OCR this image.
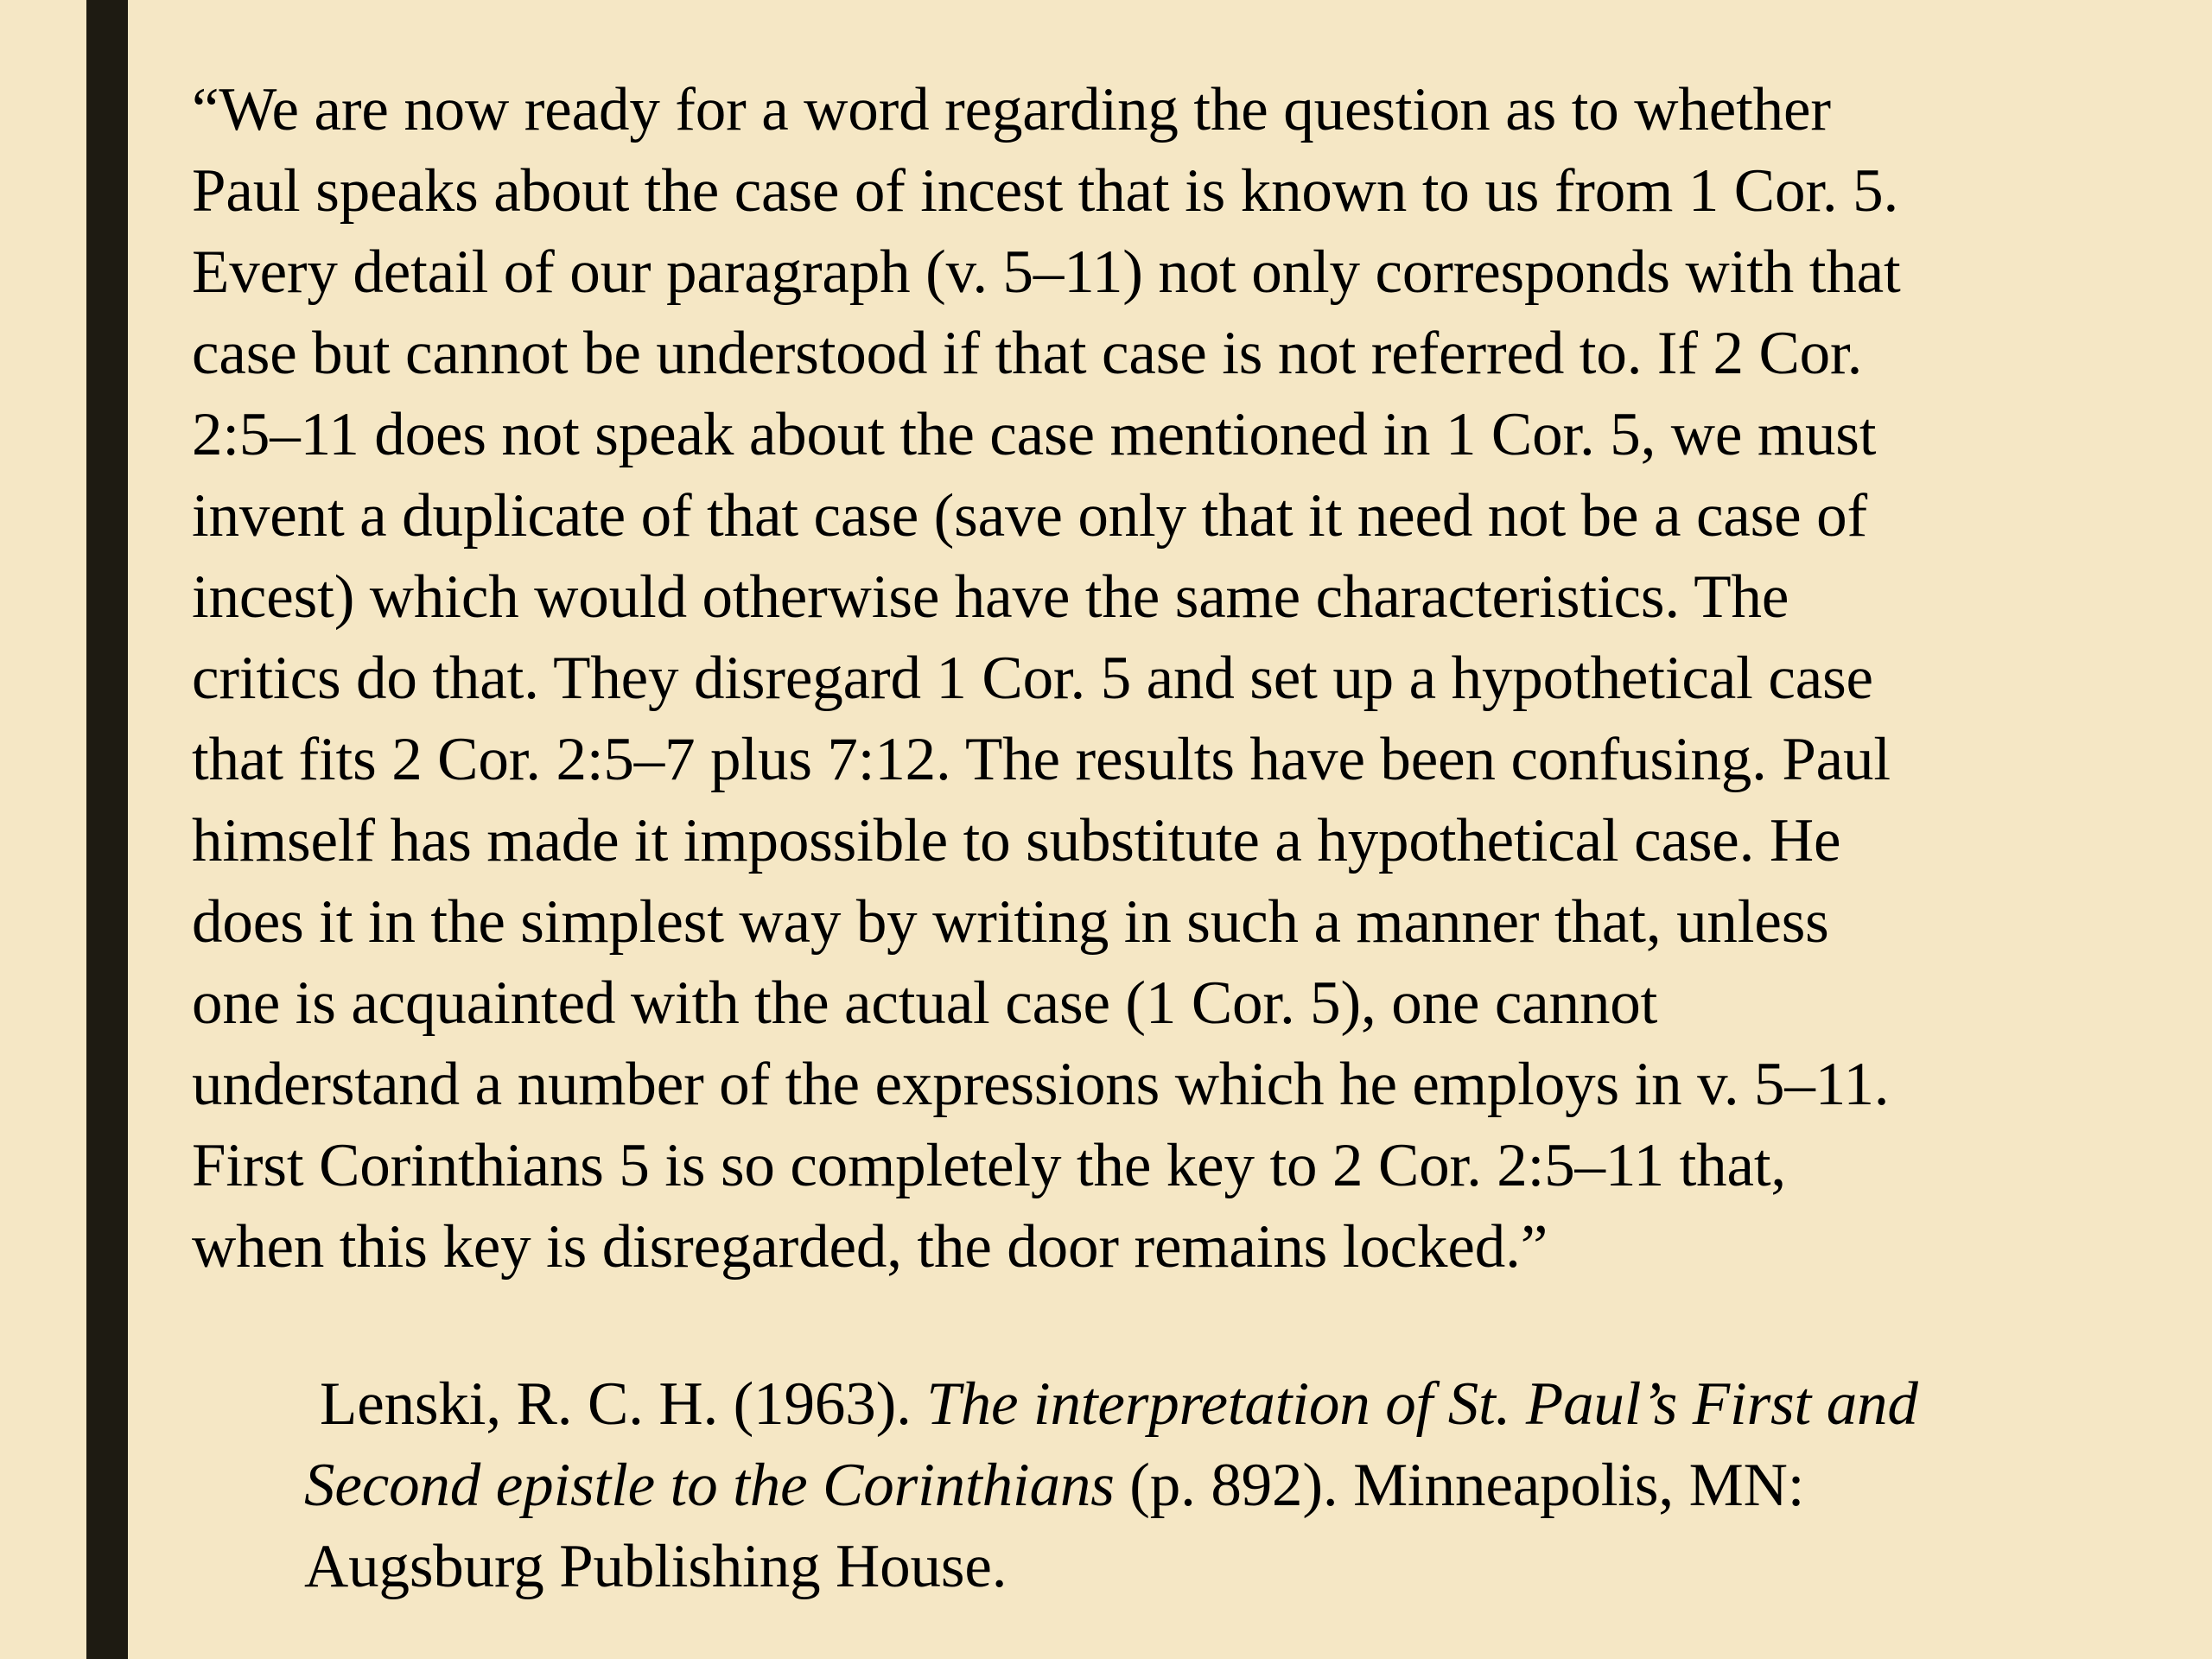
“We are now ready for a word regarding the question as to whether
Paul speaks about the case of incest that is known to us from 1 Cor. 5.
Every detail of our paragraph (v. 5–11) not only corresponds with that
case but cannot be understood if that case is not referred to. If 2 Cor.
2:5–11 does not speak about the case mentioned in 1 Cor. 5, we must
invent a duplicate of that case (save only that it need not be a case of
incest) which would otherwise have the same characteristics. The
critics do that. They disregard 1 Cor. 5 and set up a hypothetical case
that fits 2 Cor. 2:5–7 plus 7:12. The results have been confusing. Paul
himself has made it impossible to substitute a hypothetical case. He
does it in the simplest way by writing in such a manner that, unless
one is acquainted with the actual case (1 Cor. 5), one cannot
understand a number of the expressions which he employs in v. 5–11.
First Corinthians 5 is so completely the key to 2 Cor. 2:5–11 that,
when this key is disregarded, the door remains locked.”
Lenski, R. C. H. (1963). The interpretation of St. Paul’s First and
Second epistle to the Corinthians (p. 892). Minneapolis, MN:
Augsburg Publishing House.
